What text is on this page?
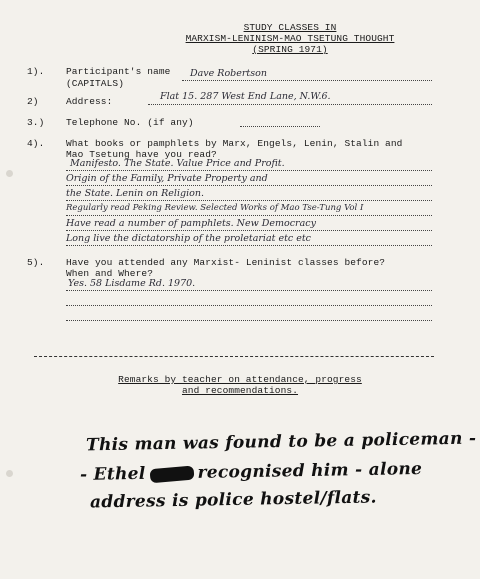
STUDY CLASSES IN
MARXISM-LENINISM-MAO TSETUNG THOUGHT
(SPRING 1971)
1). Participant's name
(CAPITALS)
Dave Robertson
2)	Address:	Flat 15. 287 West End Lane, N.W.6.
3.) Telephone No. (if any)
4). What books or pamphlets by Marx, Engels, Lenin, Stalin and
Mao Tsetung have you read?
Manifesto. The State. Value Price and Profit.
Origin of the Family, Private Property and
the State. Lenin on Religion.
Regularly read Peking Review. Selected Works of Mao Tse-Tung Vol I
Have read a number of pamphlets. New Democracy
Long live the dictatorship of the proletariat etc etc
5). Have you attended any Marxist- Leninist classes before?
When and Where?
Yes. 58 Lisdame Rd. 1970.
Remarks by teacher on attendance, progress
and recommendations.
This man was found to be a policeman -
- Ethel	recognised him - alone
address is police hostel/flats.
